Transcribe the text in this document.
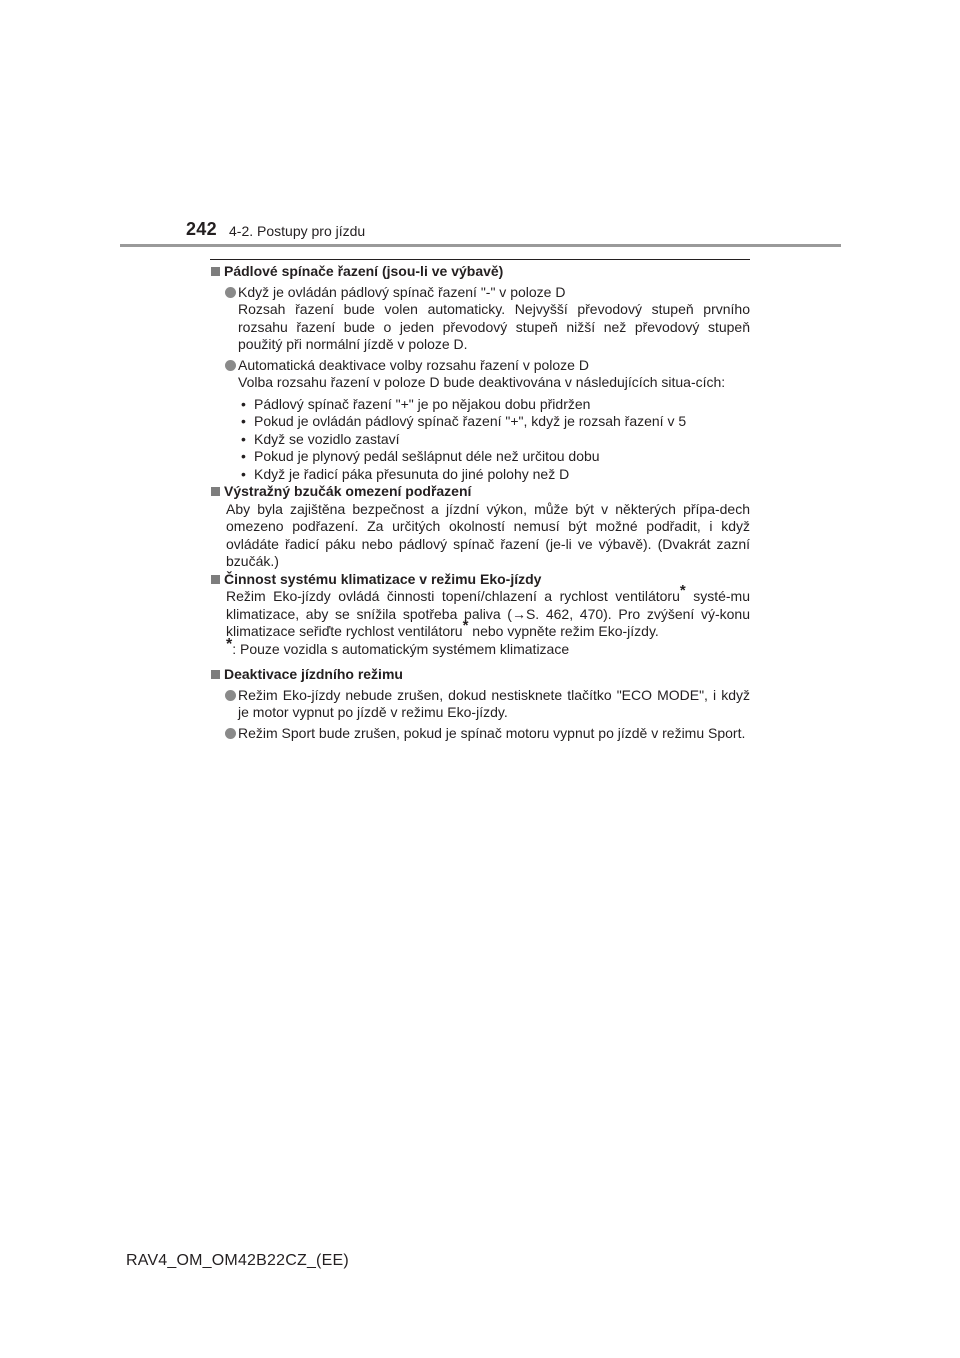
242 4-2. Postupy pro jízdu

Pádlové spínače řazení (jsou-li ve výbavě)

Když je ovládán pádlový spínač řazení "-" v poloze D
Rozsah řazení bude volen automaticky. Nejvyšší převodový stupeň prvního rozsahu řazení bude o jeden převodový stupeň nižší než převodový stupeň použitý při normální jízdě v poloze D.
Automatická deaktivace volby rozsahu řazení v poloze D
Volba rozsahu řazení v poloze D bude deaktivována v následujících situa-cích:
• Pádlový spínač řazení "+" je po nějakou dobu přidržen
• Pokud je ovládán pádlový spínač řazení "+", když je rozsah řazení v 5
• Když se vozidlo zastaví
• Pokud je plynový pedál sešlápnut déle než určitou dobu
• Když je řadicí páka přesunuta do jiné polohy než D

Výstražný bzučák omezení podřazení

Aby byla zajištěna bezpečnost a jízdní výkon, může být v některých přípa-dech omezeno podřazení. Za určitých okolností nemusí být možné podřadit, i když ovládáte řadicí páku nebo pádlový spínač řazení (je-li ve výbavě). (Dvakrát zazní bzučák.)

Činnost systému klimatizace v režimu Eko-jízdy

Režim Eko-jízdy ovládá činnosti topení/chlazení a rychlost ventilátoru* systé-mu klimatizace, aby se snížila spotřeba paliva (→S. 462, 470). Pro zvýšení vý-konu klimatizace seřiďte rychlost ventilátoru* nebo vypněte režim Eko-jízdy.

*: Pouze vozidla s automatickým systémem klimatizace

Deaktivace jízdního režimu

Režim Eko-jízdy nebude zrušen, dokud nestisknete tlačítko "ECO MODE", i když je motor vypnut po jízdě v režimu Eko-jízdy.
Režim Sport bude zrušen, pokud je spínač motoru vypnut po jízdě v režimu Sport.
RAV4_OM_OM42B22CZ_(EE)
